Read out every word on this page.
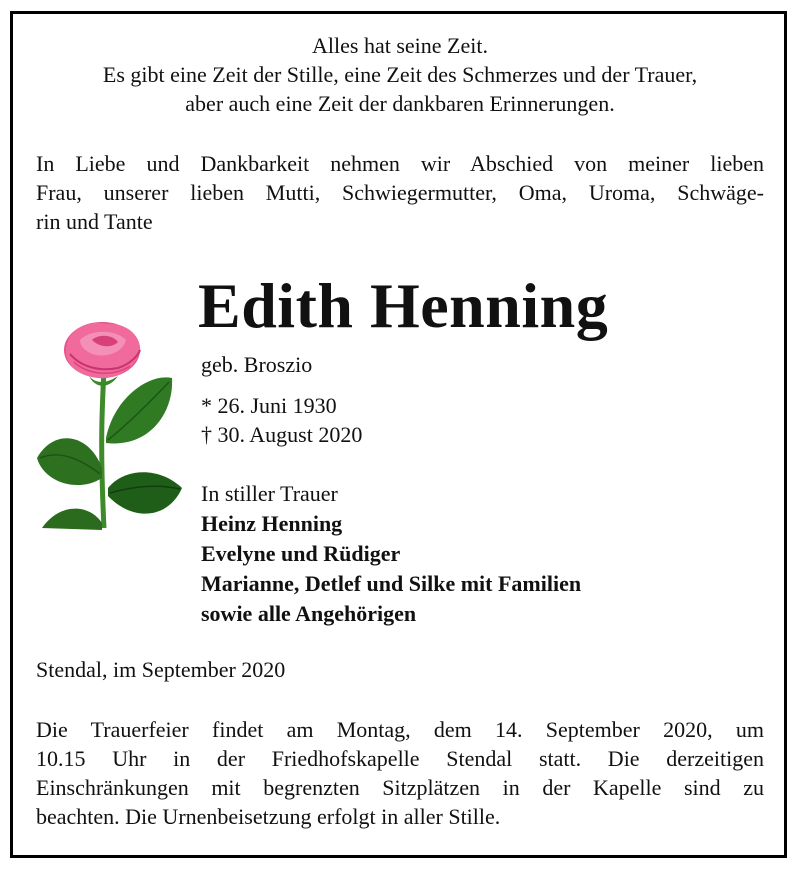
Alles hat seine Zeit.
Es gibt eine Zeit der Stille, eine Zeit des Schmerzes und der Trauer,
aber auch eine Zeit der dankbaren Erinnerungen.
In Liebe und Dankbarkeit nehmen wir Abschied von meiner lieben
Frau, unserer lieben Mutti, Schwiegermutter, Oma, Uroma, Schwäge-
rin und Tante
Edith Henning
geb. Broszio
* 26. Juni 1930
† 30. August 2020
In stiller Trauer
Heinz Henning
Evelyne und Rüdiger
Marianne, Detlef und Silke mit Familien
sowie alle Angehörigen
Stendal, im September 2020
Die Trauerfeier findet am Montag, dem 14. September 2020, um
10.15 Uhr in der Friedhofskapelle Stendal statt. Die derzeitigen
Einschränkungen mit begrenzten Sitzplätzen in der Kapelle sind zu
beachten. Die Urnenbeisetzung erfolgt in aller Stille.
